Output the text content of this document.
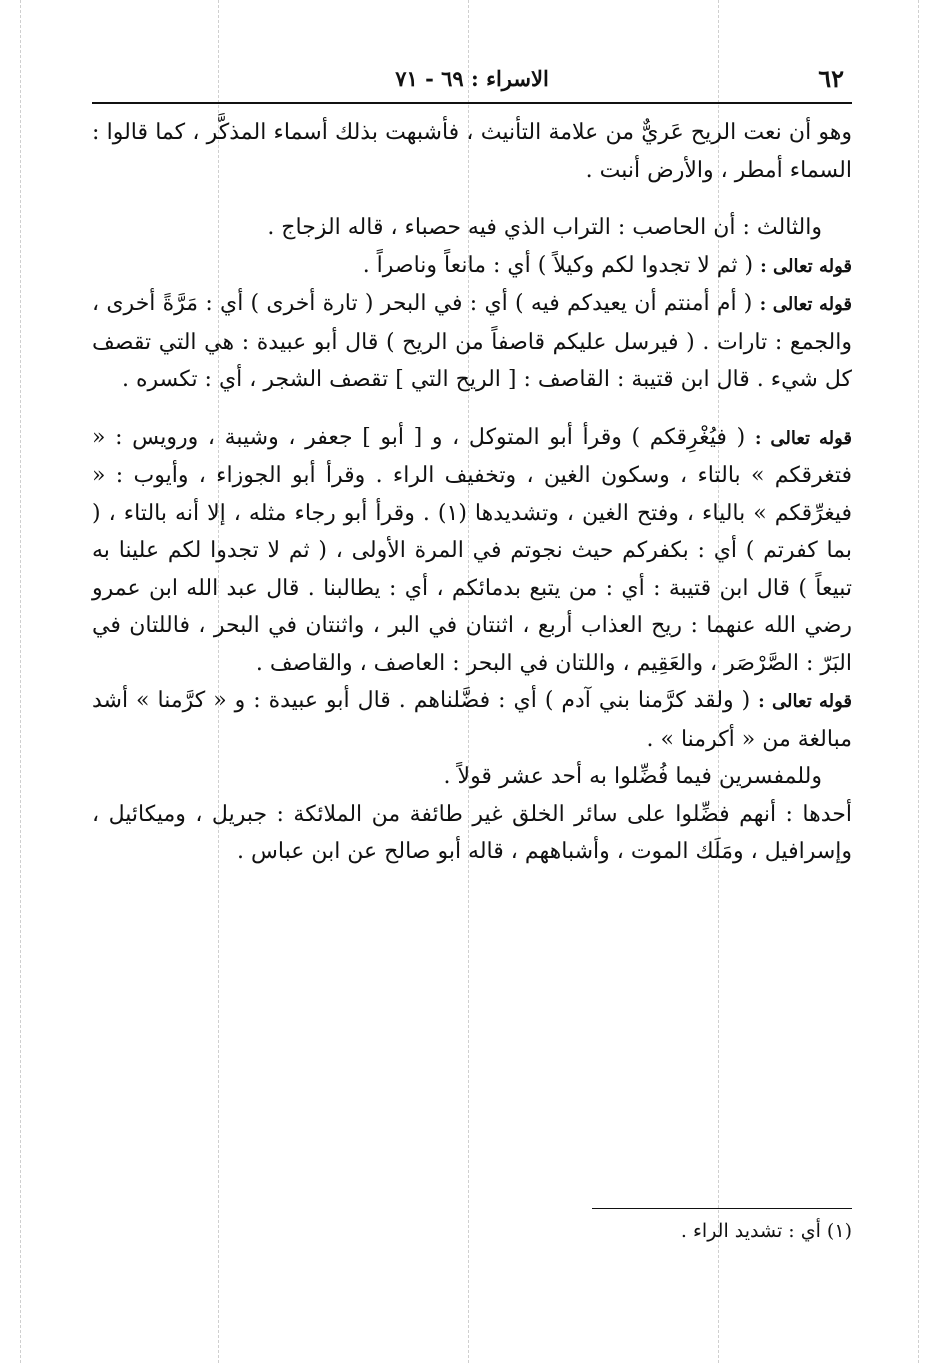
٦٢
الاسراء : ٦٩ - ٧١

وهو أن نعت الريح عَريٌّ من علامة التأنيث ، فأشبهت بذلك أسماء المذكَّر ، كما قالوا : السماء أمطر ، والأرض أنبت .

والثالث : أن الحاصب : التراب الذي فيه حصباء ، قاله الزجاج .

قوله تعالى : ( ثم لا تجدوا لكم وكيلاً ) أي : مانعاً وناصراً .

قوله تعالى : ( أم أمنتم أن يعيدكم فيه ) أي : في البحر ( تارة أخرى ) أي : مَرَّةً أخرى ، والجمع : تارات . ( فيرسل عليكم قاصفاً من الريح ) قال أبو عبيدة : هي التي تقصف كل شيء . قال ابن قتيبة : القاصف : [ الريح التي ] تقصف الشجر ، أي : تكسره .

قوله تعالى : ( فيُغْرِقكم ) وقرأ أبو المتوكل ، و [ أبو ] جعفر ، وشيبة ، ورويس : « فتغرقكم » بالتاء ، وسكون الغين ، وتخفيف الراء . وقرأ أبو الجوزاء ، وأيوب : « فيغرِّقكم » بالياء ، وفتح الغين ، وتشديدها (١) . وقرأ أبو رجاء مثله ، إلا أنه بالتاء ، ( بما كفرتم ) أي : بكفركم حيث نجوتم في المرة الأولى ، ( ثم لا تجدوا لكم علينا به تبيعاً ) قال ابن قتيبة : أي : من يتبع بدمائكم ، أي : يطالبنا . قال عبد الله ابن عمرو رضي الله عنهما : ريح العذاب أربع ، اثنتان في البر ، واثنتان في البحر ، فاللتان في البَرّ : الصَّرْصَر ، والعَقِيم ، واللتان في البحر : العاصف ، والقاصف .

قوله تعالى : ( ولقد كرَّمنا بني آدم ) أي : فضَّلناهم . قال أبو عبيدة : و « كرَّمنا » أشد مبالغة من « أكرمنا » .

وللمفسرين فيما فُضِّلوا به أحد عشر قولاً .

أحدها : أنهم فضِّلوا على سائر الخلق غير طائفة من الملائكة : جبريل ، وميكائيل ، وإسرافيل ، ومَلَك الموت ، وأشباههم ، قاله أبو صالح عن ابن عباس .

(١) أي : تشديد الراء .
